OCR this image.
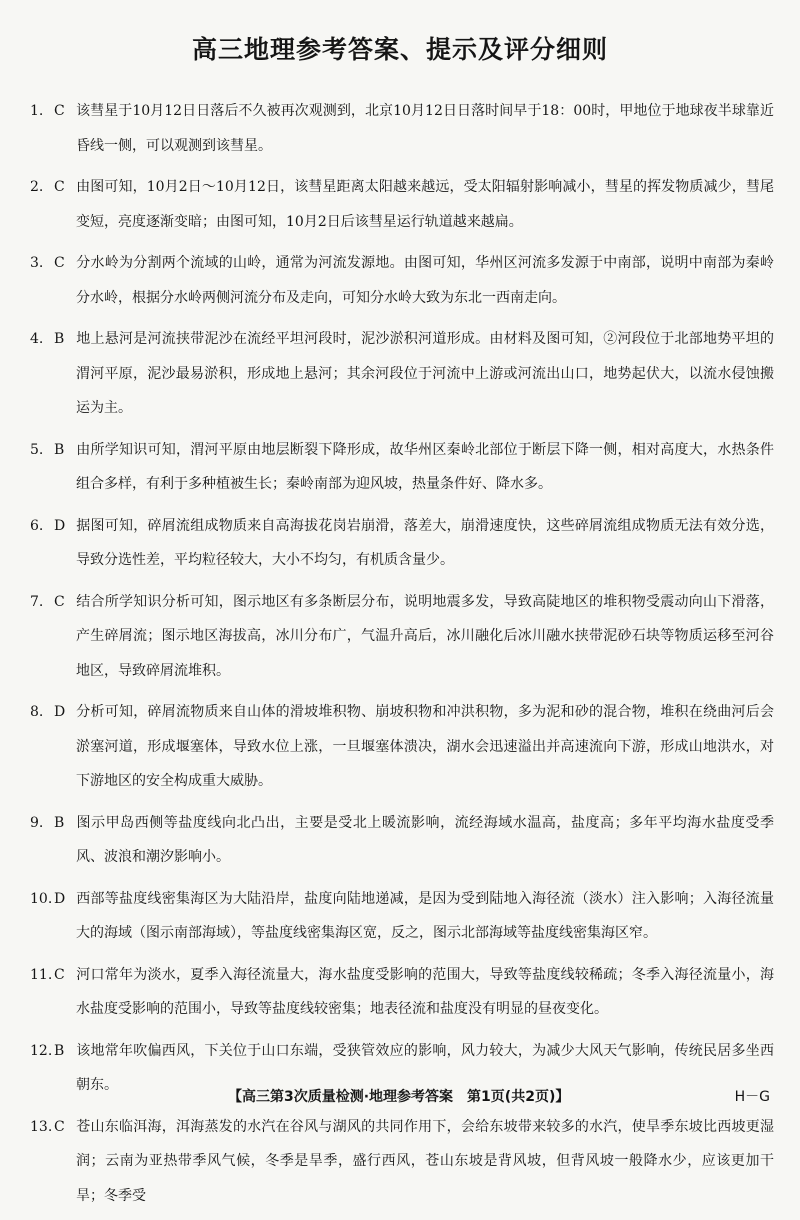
高三地理参考答案、提示及评分细则
1. C 该彗星于10月12日日落后不久被再次观测到，北京10月12日日落时间早于18：00时，甲地位于地球夜半球靠近昏线一侧，可以观测到该彗星。
2. C 由图可知，10月2日～10月12日，该彗星距离太阳越来越远，受太阳辐射影响减小，彗星的挥发物质减少，彗尾变短，亮度逐渐变暗；由图可知，10月2日后该彗星运行轨道越来越扁。
3. C 分水岭为分割两个流域的山岭，通常为河流发源地。由图可知，华州区河流多发源于中南部，说明中南部为秦岭分水岭，根据分水岭两侧河流分布及走向，可知分水岭大致为东北一西南走向。
4. B 地上悬河是河流挟带泥沙在流经平坦河段时，泥沙淤积河道形成。由材料及图可知，②河段位于北部地势平坦的渭河平原，泥沙最易淤积，形成地上悬河；其余河段位于河流中上游或河流出山口，地势起伏大，以流水侵蚀搬运为主。
5. B 由所学知识可知，渭河平原由地层断裂下降形成，故华州区秦岭北部位于断层下降一侧，相对高度大，水热条件组合多样，有利于多种植被生长；秦岭南部为迎风坡，热量条件好、降水多。
6. D 据图可知，碎屑流组成物质来自高海拔花岗岩崩滑，落差大，崩滑速度快，这些碎屑流组成物质无法有效分选，导致分选性差，平均粒径较大，大小不均匀，有机质含量少。
7. C 结合所学知识分析可知，图示地区有多条断层分布，说明地震多发，导致高陡地区的堆积物受震动向山下滑落，产生碎屑流；图示地区海拔高，冰川分布广，气温升高后，冰川融化后冰川融水挟带泥砂石块等物质运移至河谷地区，导致碎屑流堆积。
8. D 分析可知，碎屑流物质来自山体的滑坡堆积物、崩坡积物和冲洪积物，多为泥和砂的混合物，堆积在绕曲河后会淤塞河道，形成堰塞体，导致水位上涨，一旦堰塞体溃决，湖水会迅速溢出并高速流向下游，形成山地洪水，对下游地区的安全构成重大威胁。
9. B 图示甲岛西侧等盐度线向北凸出，主要是受北上暖流影响，流经海域水温高，盐度高；多年平均海水盐度受季风、波浪和潮汐影响小。
10. D 西部等盐度线密集海区为大陆沿岸，盐度向陆地递减，是因为受到陆地入海径流（淡水）注入影响；入海径流量大的海域（图示南部海域），等盐度线密集海区宽，反之，图示北部海域等盐度线密集海区窄。
11. C 河口常年为淡水，夏季入海径流量大，海水盐度受影响的范围大，导致等盐度线较稀疏；冬季入海径流量小，海水盐度受影响的范围小，导致等盐度线较密集；地表径流和盐度没有明显的昼夜变化。
12. B 该地常年吹偏西风，下关位于山口东端，受狭管效应的影响，风力较大，为减少大风天气影响，传统民居多坐西朝东。
13. C 苍山东临洱海，洱海蒸发的水汽在谷风与湖风的共同作用下，会给东坡带来较多的水汽，使旱季东坡比西坡更湿润；云南为亚热带季风气候，冬季是旱季，盛行西风，苍山东坡是背风坡，但背风坡一般降水少，应该更加干旱；冬季受
【高三第3次质量检测·地理参考答案　第1页(共2页)】	H－G
